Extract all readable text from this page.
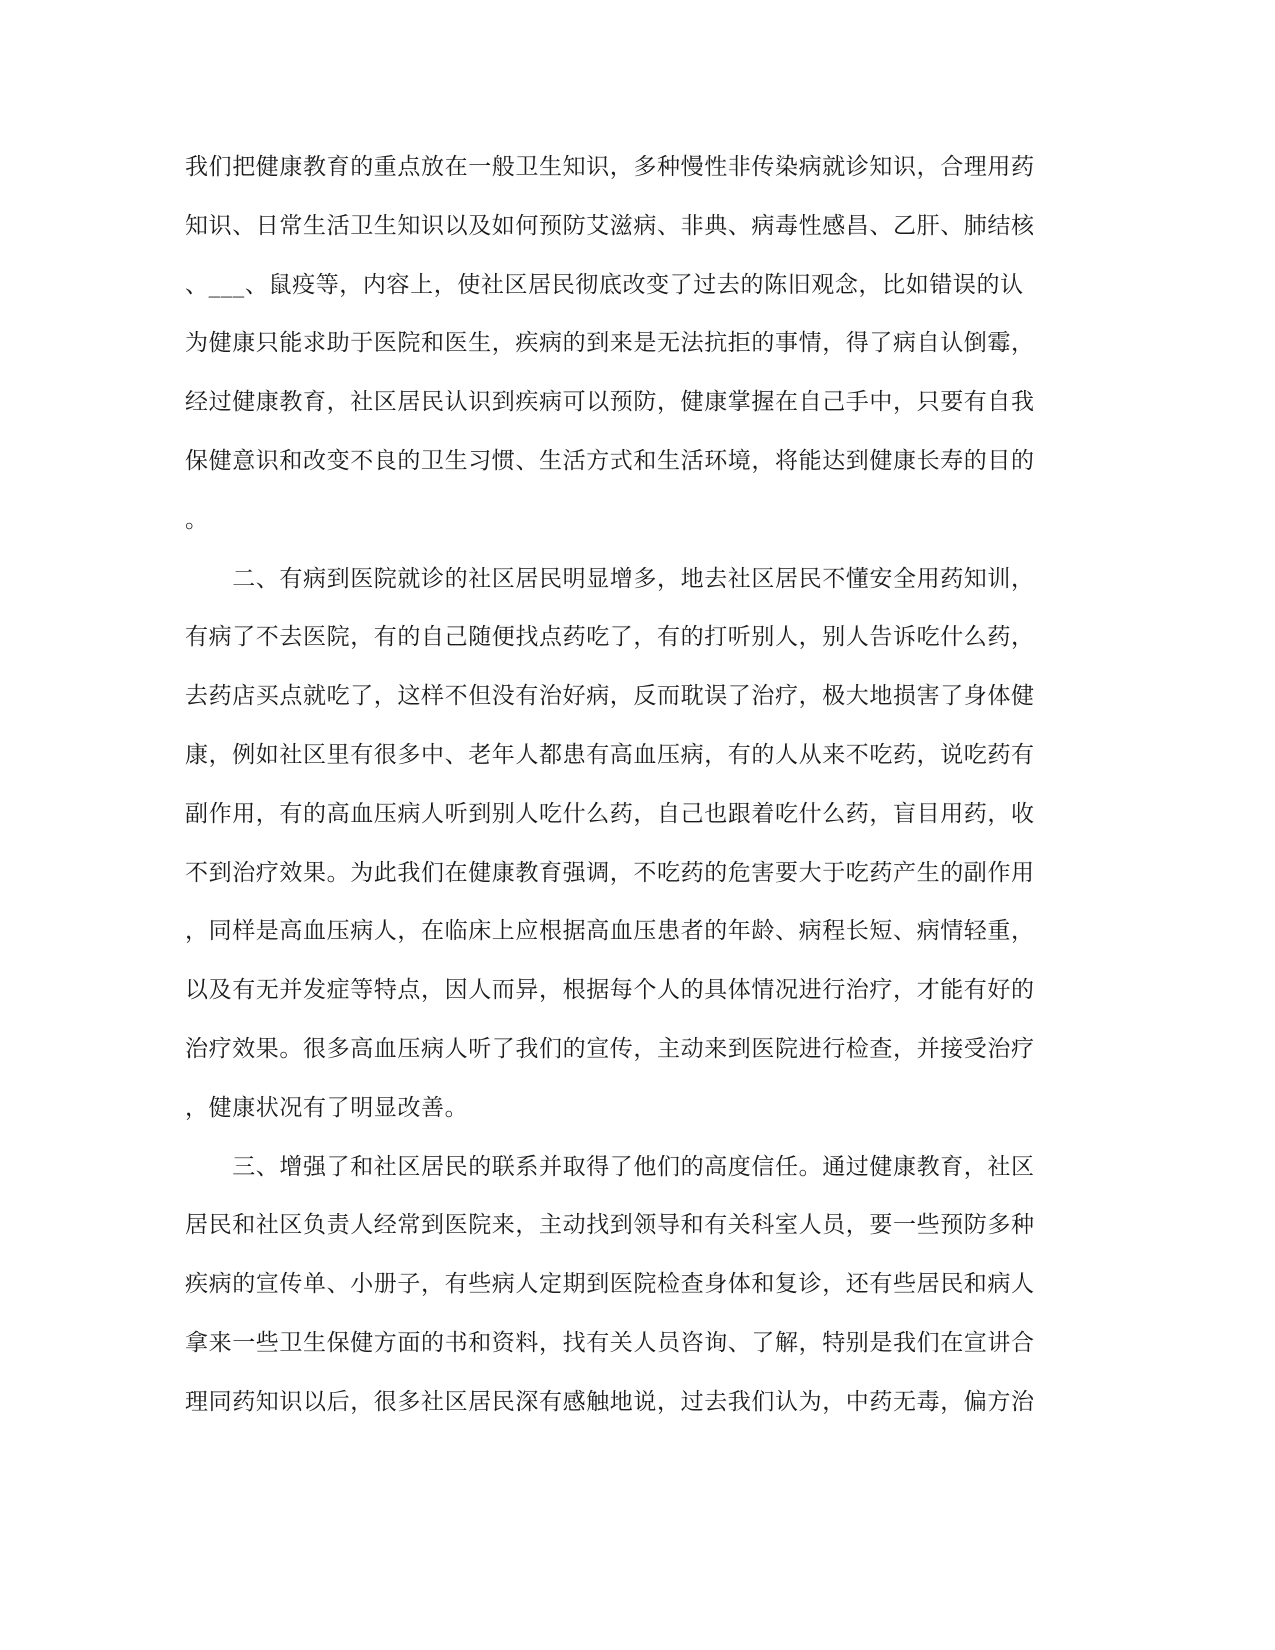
我们把健康教育的重点放在一般卫生知识，多种慢性非传染病就诊知识，合理用药
知识、日常生活卫生知识以及如何预防艾滋病、非典、病毒性感昌、乙肝、肺结核
、___、鼠疫等，内容上，使社区居民彻底改变了过去的陈旧观念，比如错误的认
为健康只能求助于医院和医生，疾病的到来是无法抗拒的事情，得了病自认倒霉，
经过健康教育，社区居民认识到疾病可以预防，健康掌握在自己手中，只要有自我
保健意识和改变不良的卫生习惯、生活方式和生活环境，将能达到健康长寿的目的
。
　　二、有病到医院就诊的社区居民明显增多，地去社区居民不懂安全用药知训，
有病了不去医院，有的自己随便找点药吃了，有的打听别人，别人告诉吃什么药，
去药店买点就吃了，这样不但没有治好病，反而耽误了治疗，极大地损害了身体健
康，例如社区里有很多中、老年人都患有高血压病，有的人从来不吃药，说吃药有
副作用，有的高血压病人听到别人吃什么药，自己也跟着吃什么药，盲目用药，收
不到治疗效果。为此我们在健康教育强调，不吃药的危害要大于吃药产生的副作用
，同样是高血压病人，在临床上应根据高血压患者的年龄、病程长短、病情轻重，
以及有无并发症等特点，因人而异，根据每个人的具体情况进行治疗，才能有好的
治疗效果。很多高血压病人听了我们的宣传，主动来到医院进行检查，并接受治疗
，健康状况有了明显改善。
　　三、增强了和社区居民的联系并取得了他们的高度信任。通过健康教育，社区
居民和社区负责人经常到医院来，主动找到领导和有关科室人员，要一些预防多种
疾病的宣传单、小册子，有些病人定期到医院检查身体和复诊，还有些居民和病人
拿来一些卫生保健方面的书和资料，找有关人员咨询、了解，特别是我们在宣讲合
理同药知识以后，很多社区居民深有感触地说，过去我们认为，中药无毒，偏方治
